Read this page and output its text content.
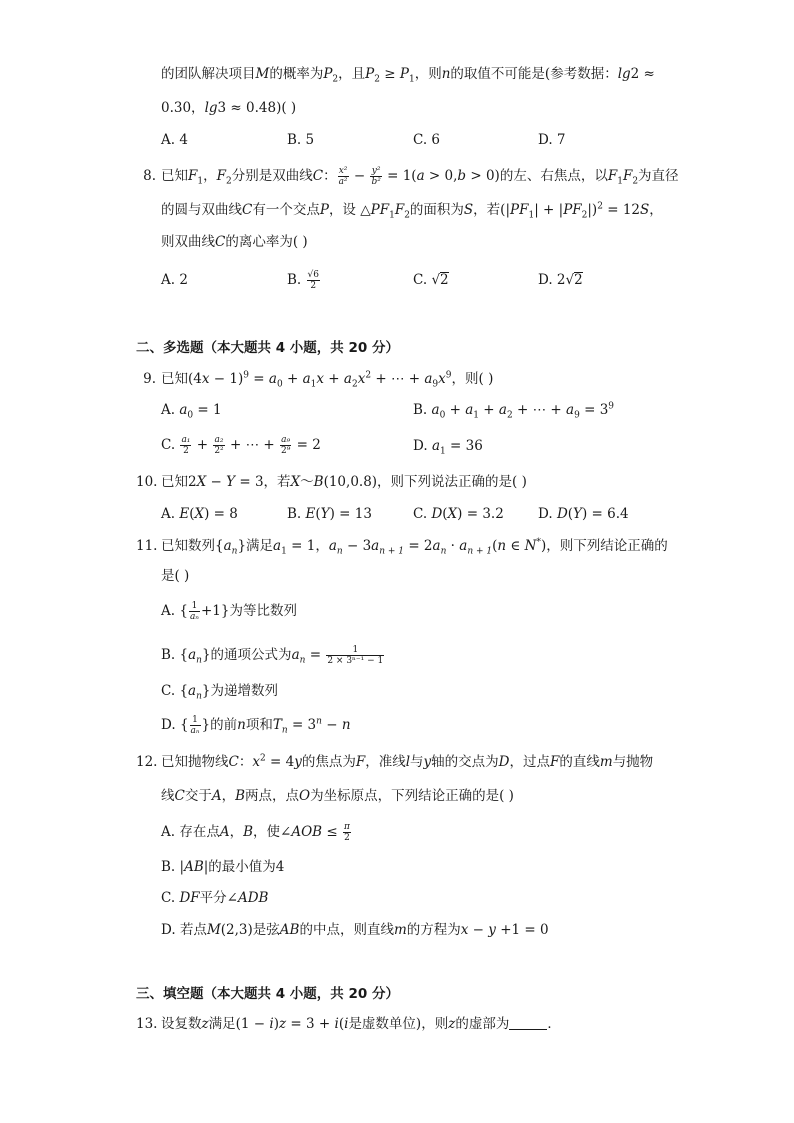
的团队解决项目M的概率为$P_2$，且$P_2 \ge P_1$，则n的取值不可能是(参考数据：lg2 ≈
0.30，lg3 ≈ 0.48)( )
A. 4	B. 5	C. 6	D. 7
8. 已知$F_1$，$F_2$分别是双曲线C： $\frac{\text{x²}}{\text{a²}} - \frac{\text{y²}}{\text{b²}} = 1(a > 0,b > 0)$的左、右焦点，以$F_1F_2$为直径
的圆与双曲线C有一个交点P，设 $\triangle PF_1F_2$的面积为S，若$(|PF_1| + |PF_2|)^2 = 12S$，
则双曲线C的离心率为( )
A. 2	B. $\frac{√6}{2}$	C. √2	D. 2√2
二、多选题（本大题共 4 小题，共 20 分）
9. 已知$(4x - 1)^9 = a_0 + a_1x + a_2x^2$ + ⋯ + $a_9x^9$，则( )
A. $a_0 = 1$	B. $a_0 + a_1 + a_2$ + ⋯ + $a_9 = 3^9$
C. $\frac{\text{a₁}}{2} + \frac{\text{a₂}}{\text{2²}}$ + ⋯ + $\frac{\text{a₉}}{\text{2⁹}} = 2$	D. $a_1 = 36$
10. 已知2X − Y = 3，若X～B(10,0.8)，则下列说法正确的是( )
A. E(X) = 8	B. E(Y) = 13	C. D(X) = 3.2	D. D(Y) = 6.4
11. 已知数列$\{a_n\}$满足$a_1 = 1$，$a_n - 3a_{n + 1} = 2a_n \cdot a_{n + 1}(n$ ∈ N*)，则下列结论正确的
是( )
A. { $\frac{1}{\text{aₙ}} +1$}为等比数列
B. $\{a_n\}$的通项公式为$a_n = \frac{1}{\text{2 × 3ⁿ⁻¹ − 1}}$
C. $\{a_n\}$为递增数列
D. { $\frac{1}{\text{aₙ}}$ }的前n项和$T_n = 3^n - n$
12. 已知抛物线C：$x^2 = 4y$的焦点为F，准线l与y轴的交点为D，过点F的直线m与抛物
线C交于A，B两点，点O为坐标原点，下列结论正确的是( )
A. 存在点A，B，使∠AOB ≤ $\frac{\pi}{2}$
B. |AB|的最小值为4
C. DF平分∠ADB
D. 若点M(2,3)是弦AB的中点，则直线m的方程为x − y +1 = 0
三、填空题（本大题共 4 小题，共 20 分）
13. 设复数z满足(1 − i)z = 3 + i(i是虚数单位)，则z的虚部为	．
